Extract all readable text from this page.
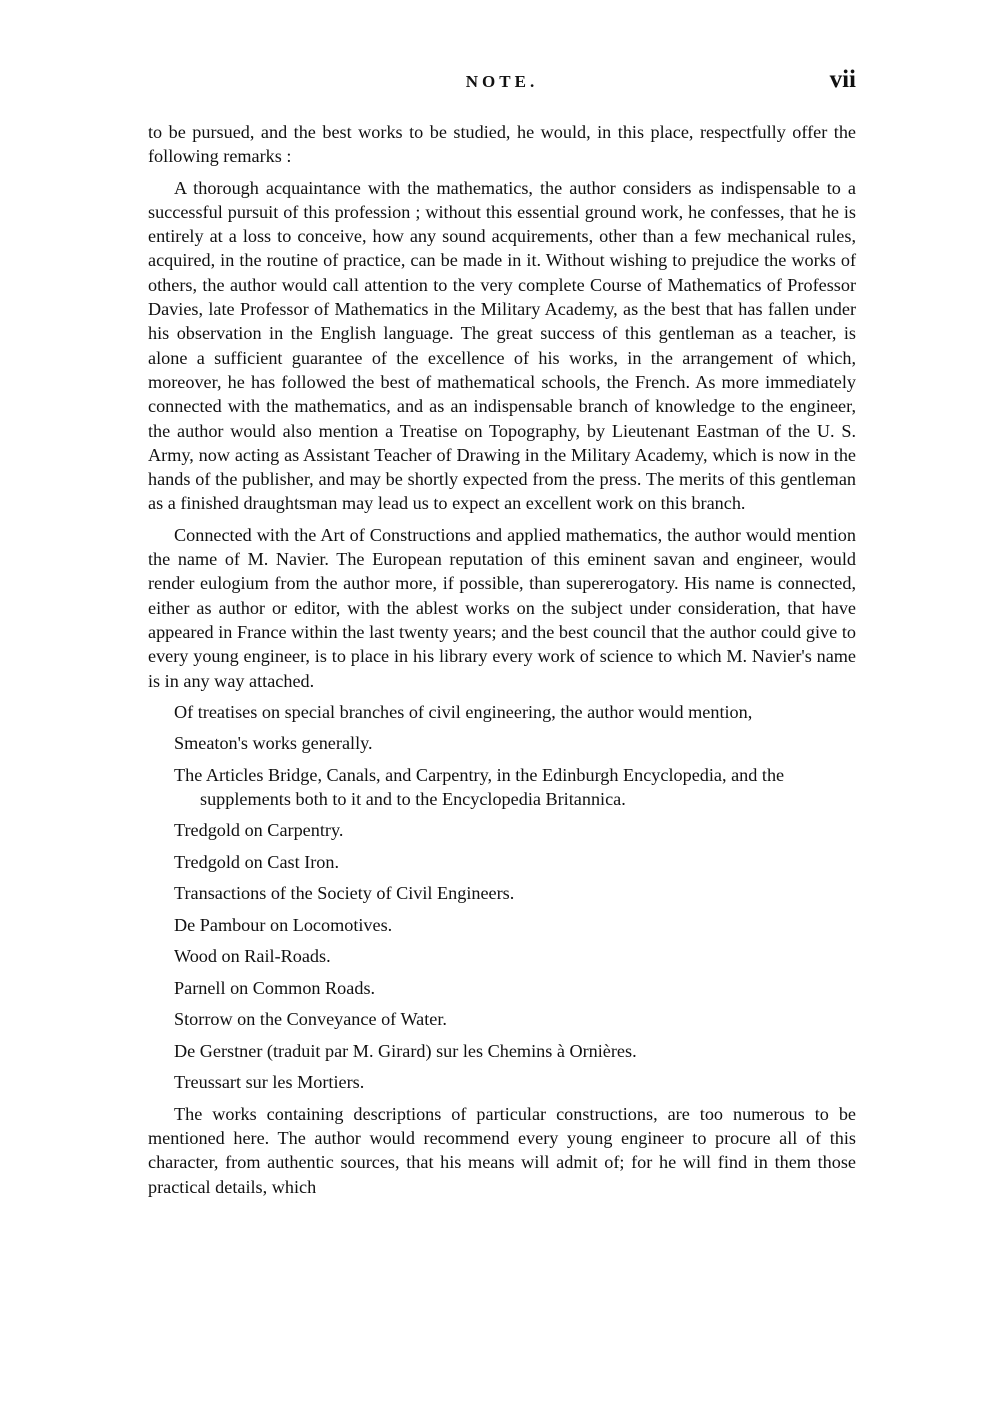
NOTE.	vii

to be pursued, and the best works to be studied, he would, in this place, respectfully offer the following remarks :

A thorough acquaintance with the mathematics, the author considers as indispensable to a successful pursuit of this profession ; without this essential ground work, he confesses, that he is entirely at a loss to conceive, how any sound acquirements, other than a few mechanical rules, acquired, in the routine of practice, can be made in it. Without wishing to prejudice the works of others, the author would call attention to the very complete Course of Mathematics of Professor Davies, late Professor of Mathematics in the Military Academy, as the best that has fallen under his observation in the English language. The great success of this gentleman as a teacher, is alone a sufficient guarantee of the excellence of his works, in the arrangement of which, moreover, he has followed the best of mathematical schools, the French. As more immediately connected with the mathematics, and as an indispensable branch of knowledge to the engineer, the author would also mention a Treatise on Topography, by Lieutenant Eastman of the U. S. Army, now acting as Assistant Teacher of Drawing in the Military Academy, which is now in the hands of the publisher, and may be shortly expected from the press. The merits of this gentleman as a finished draughtsman may lead us to expect an excellent work on this branch.

Connected with the Art of Constructions and applied mathematics, the author would mention the name of M. Navier. The European reputation of this eminent savan and engineer, would render eulogium from the author more, if possible, than supererogatory. His name is connected, either as author or editor, with the ablest works on the subject under consideration, that have appeared in France within the last twenty years; and the best council that the author could give to every young engineer, is to place in his library every work of science to which M. Navier's name is in any way attached.

Of treatises on special branches of civil engineering, the author would mention,

Smeaton's works generally.
The Articles Bridge, Canals, and Carpentry, in the Edinburgh Encyclopedia, and the supplements both to it and to the Encyclopedia Britannica.
Tredgold on Carpentry.
Tredgold on Cast Iron.
Transactions of the Society of Civil Engineers.
De Pambour on Locomotives.
Wood on Rail-Roads.
Parnell on Common Roads.
Storrow on the Conveyance of Water.
De Gerstner (traduit par M. Girard) sur les Chemins à Ornières.
Treussart sur les Mortiers.

The works containing descriptions of particular constructions, are too numerous to be mentioned here. The author would recommend every young engineer to procure all of this character, from authentic sources, that his means will admit of; for he will find in them those practical details, which
